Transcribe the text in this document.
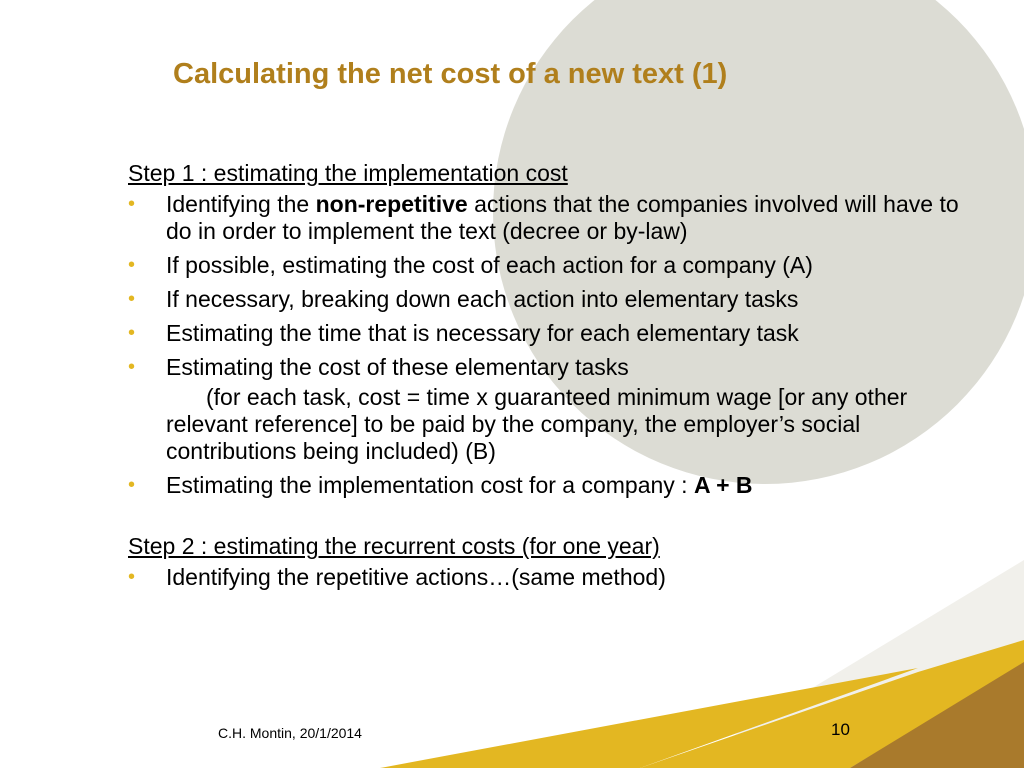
Calculating the net cost of a new text (1)

Step 1 : estimating the implementation cost

• Identifying the non-repetitive actions that the companies involved will have to do in order to implement the text (decree or by-law)
• If possible, estimating the cost of each action for a company (A)
• If necessary, breaking down each action into elementary tasks
• Estimating the time that is necessary for each elementary task
• Estimating the cost of these elementary tasks
(for each task, cost = time x guaranteed minimum wage [or any other relevant reference] to be paid by the company, the employer’s social contributions being included) (B)
• Estimating the implementation cost for a company : A + B

Step 2 : estimating the recurrent costs (for one year)

• Identifying the repetitive actions…(same method)
C.H. Montin, 20/1/2014	10
